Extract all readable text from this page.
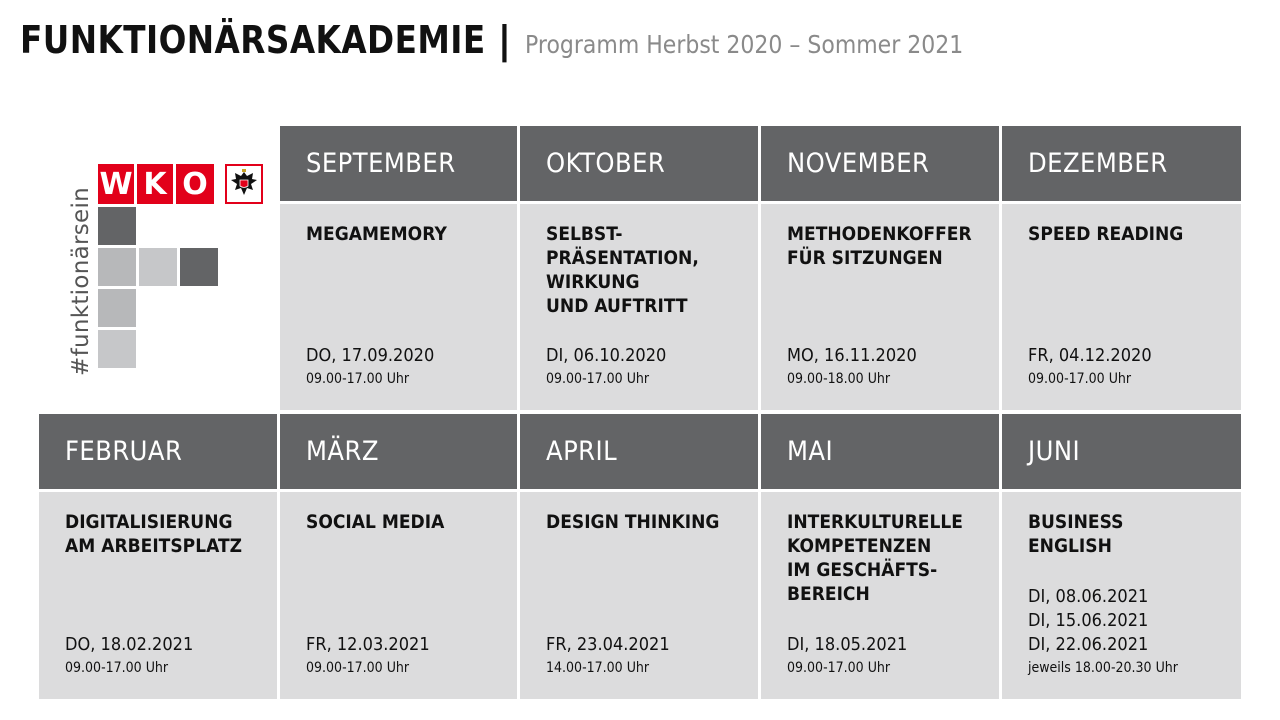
FUNKTIONÄRSAKADEMIE | Programm Herbst 2020 – Sommer 2021
#funktionärsein
W K O
SEPTEMBER
MEGAMEMORY
DO, 17.09.2020
09.00-17.00 Uhr
OKTOBER
SELBST-
PRÄSENTATION,
WIRKUNG
UND AUFTRITT
DI, 06.10.2020
09.00-17.00 Uhr
NOVEMBER
METHODENKOFFER
FÜR SITZUNGEN
MO, 16.11.2020
09.00-18.00 Uhr
DEZEMBER
SPEED READING
FR, 04.12.2020
09.00-17.00 Uhr
FEBRUAR
DIGITALISIERUNG
AM ARBEITSPLATZ
DO, 18.02.2021
09.00-17.00 Uhr
MÄRZ
SOCIAL MEDIA
FR, 12.03.2021
09.00-17.00 Uhr
APRIL
DESIGN THINKING
FR, 23.04.2021
14.00-17.00 Uhr
MAI
INTERKULTURELLE
KOMPETENZEN
IM GESCHÄFTS-
BEREICH
DI, 18.05.2021
09.00-17.00 Uhr
JUNI
BUSINESS
ENGLISH
DI, 08.06.2021
DI, 15.06.2021
DI, 22.06.2021
jeweils 18.00-20.30 Uhr
